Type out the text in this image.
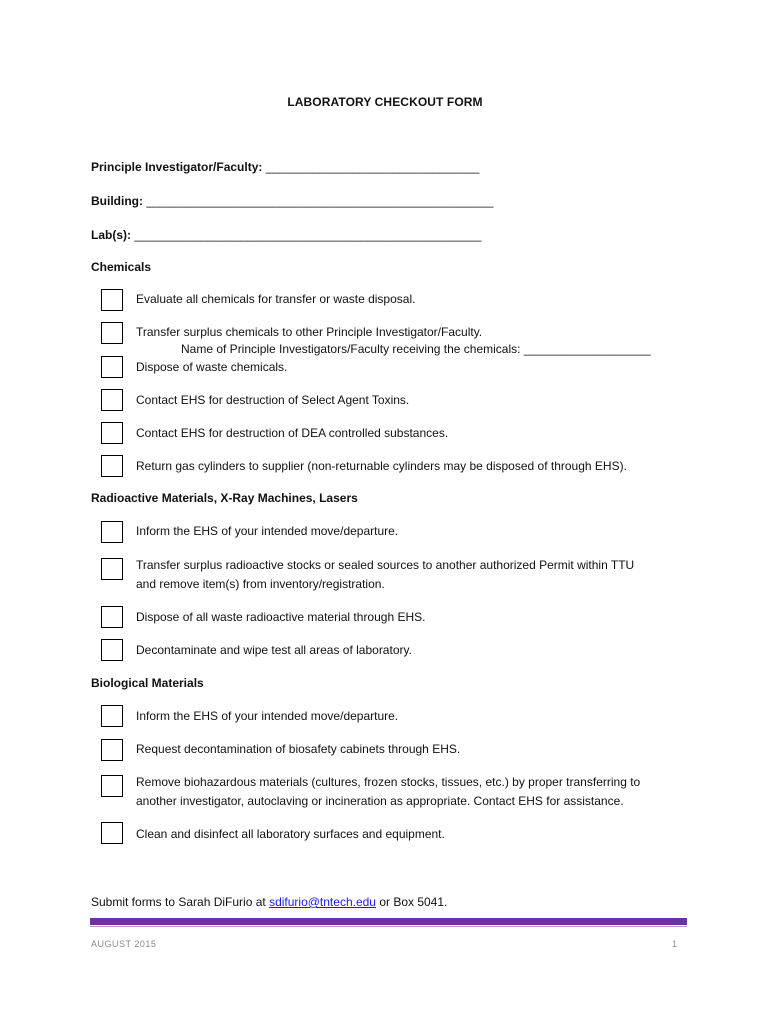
LABORATORY CHECKOUT FORM
Principle Investigator/Faculty: ________________________________
Building: ____________________________________________________
Lab(s): ____________________________________________________
Chemicals
Evaluate all chemicals for transfer or waste disposal.
Transfer surplus chemicals to other Principle Investigator/Faculty.
Name of Principle Investigators/Faculty receiving the chemicals: ___________________
Dispose of waste chemicals.
Contact EHS for destruction of Select Agent Toxins.
Contact EHS for destruction of DEA controlled substances.
Return gas cylinders to supplier (non-returnable cylinders may be disposed of through EHS).
Radioactive Materials, X-Ray Machines, Lasers
Inform the EHS of your intended move/departure.
Transfer surplus radioactive stocks or sealed sources to another authorized Permit within TTU
and remove item(s) from inventory/registration.
Dispose of all waste radioactive material through EHS.
Decontaminate and wipe test all areas of laboratory.
Biological Materials
Inform the EHS of your intended move/departure.
Request decontamination of biosafety cabinets through EHS.
Remove biohazardous materials (cultures, frozen stocks, tissues, etc.) by proper transferring to
another investigator, autoclaving or incineration as appropriate. Contact EHS for assistance.
Clean and disinfect all laboratory surfaces and equipment.
Submit forms to Sarah DiFurio at sdifurio@tntech.edu or Box 5041.
AUGUST 2015	1
